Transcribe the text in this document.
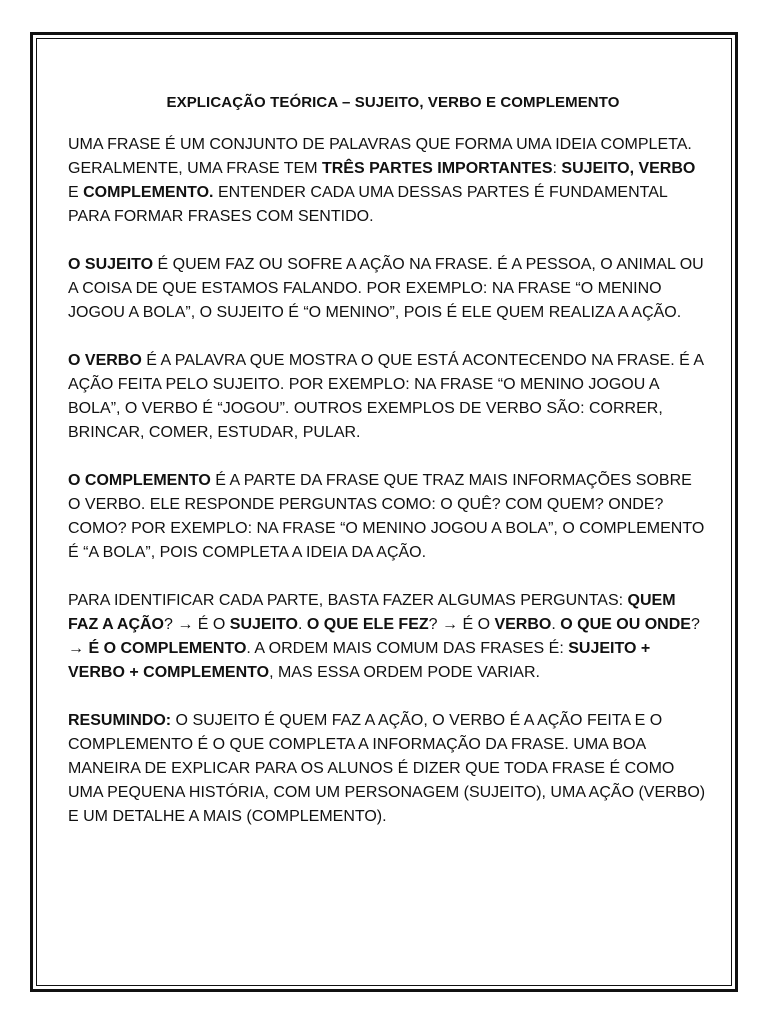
EXPLICAÇÃO TEÓRICA – SUJEITO, VERBO E COMPLEMENTO

UMA FRASE É UM CONJUNTO DE PALAVRAS QUE FORMA UMA IDEIA COMPLETA. GERALMENTE, UMA FRASE TEM TRÊS PARTES IMPORTANTES: SUJEITO, VERBO E COMPLEMENTO. ENTENDER CADA UMA DESSAS PARTES É FUNDAMENTAL PARA FORMAR FRASES COM SENTIDO.

O SUJEITO É QUEM FAZ OU SOFRE A AÇÃO NA FRASE. É A PESSOA, O ANIMAL OU A COISA DE QUE ESTAMOS FALANDO. POR EXEMPLO: NA FRASE “O MENINO JOGOU A BOLA”, O SUJEITO É “O MENINO”, POIS É ELE QUEM REALIZA A AÇÃO.

O VERBO É A PALAVRA QUE MOSTRA O QUE ESTÁ ACONTECENDO NA FRASE. É A AÇÃO FEITA PELO SUJEITO. POR EXEMPLO: NA FRASE “O MENINO JOGOU A BOLA”, O VERBO É “JOGOU”. OUTROS EXEMPLOS DE VERBO SÃO: CORRER, BRINCAR, COMER, ESTUDAR, PULAR.

O COMPLEMENTO É A PARTE DA FRASE QUE TRAZ MAIS INFORMAÇÕES SOBRE O VERBO. ELE RESPONDE PERGUNTAS COMO: O QUÊ? COM QUEM? ONDE? COMO? POR EXEMPLO: NA FRASE “O MENINO JOGOU A BOLA”, O COMPLEMENTO É “A BOLA”, POIS COMPLETA A IDEIA DA AÇÃO.

PARA IDENTIFICAR CADA PARTE, BASTA FAZER ALGUMAS PERGUNTAS: QUEM FAZ A AÇÃO? → É O SUJEITO. O QUE ELE FEZ? → É O VERBO. O QUE OU ONDE? → É O COMPLEMENTO. A ORDEM MAIS COMUM DAS FRASES É: SUJEITO + VERBO + COMPLEMENTO, MAS ESSA ORDEM PODE VARIAR.

RESUMINDO: O SUJEITO É QUEM FAZ A AÇÃO, O VERBO É A AÇÃO FEITA E O COMPLEMENTO É O QUE COMPLETA A INFORMAÇÃO DA FRASE. UMA BOA MANEIRA DE EXPLICAR PARA OS ALUNOS É DIZER QUE TODA FRASE É COMO UMA PEQUENA HISTÓRIA, COM UM PERSONAGEM (SUJEITO), UMA AÇÃO (VERBO) E UM DETALHE A MAIS (COMPLEMENTO).
